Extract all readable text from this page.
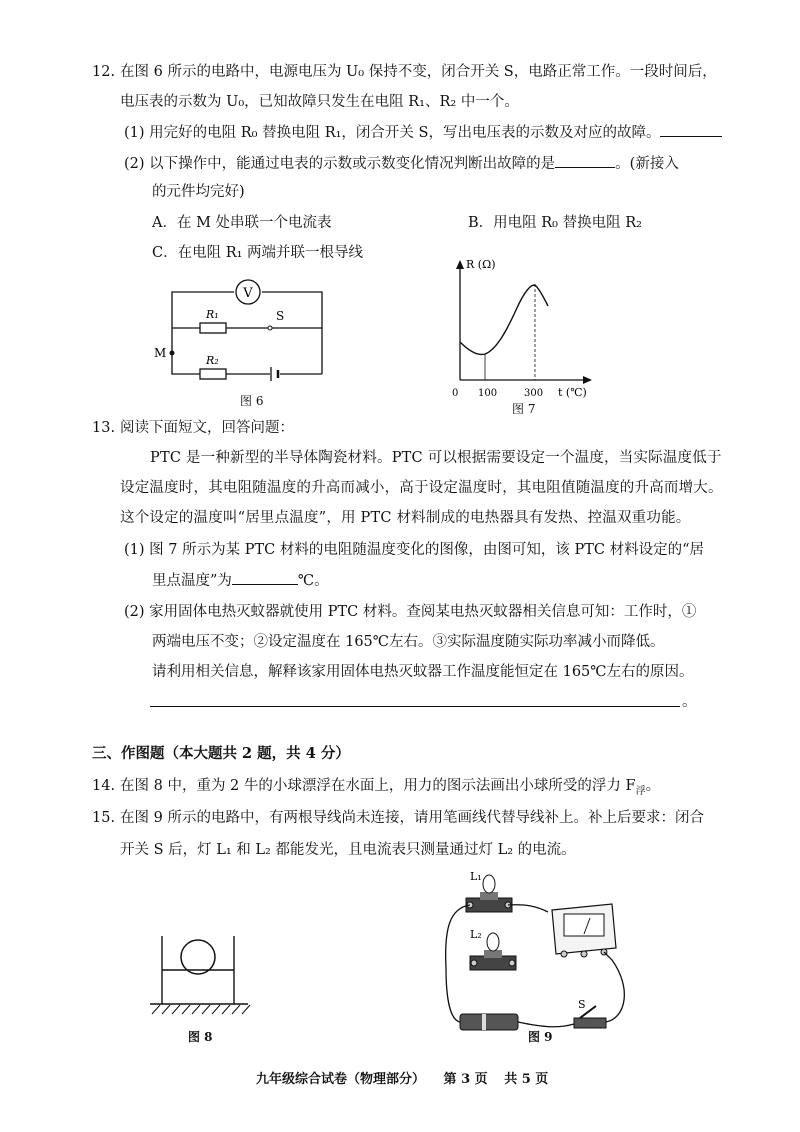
12. 在图 6 所示的电路中，电源电压为 U₀ 保持不变，闭合开关 S，电路正常工作。一段时间后，
电压表的示数为 U₀，已知故障只发生在电阻 R₁、R₂ 中一个。
(1) 用完好的电阻 R₀ 替换电阻 R₁，闭合开关 S，写出电压表的示数及对应的故障。
(2) 以下操作中，能通过电表的示数或示数变化情况判断出故障的是	。(新接入
的元件均完好)
A．在 M 处串联一个电流表	B．用电阻 R₀ 替换电阻 R₂
C．在电阻 R₁ 两端并联一根导线
V
S
R₁
R₂
M
图 6
R (Ω)
0 100	300 t (℃)
图 7
13. 阅读下面短文，回答问题：
PTC 是一种新型的半导体陶瓷材料。PTC 可以根据需要设定一个温度，当实际温度低于
设定温度时，其电阻随温度的升高而减小，高于设定温度时，其电阻值随温度的升高而增大。
这个设定的温度叫“居里点温度”，用 PTC 材料制成的电热器具有发热、控温双重功能。
(1) 图 7 所示为某 PTC 材料的电阻随温度变化的图像，由图可知，该 PTC 材料设定的“居
里点温度”为	℃。
(2) 家用固体电热灭蚊器就使用 PTC 材料。查阅某电热灭蚊器相关信息可知：工作时，①
两端电压不变；②设定温度在 165℃左右。③实际温度随实际功率减小而降低。
请利用相关信息，解释该家用固体电热灭蚊器工作温度能恒定在 165℃左右的原因。
。
三、作图题（本大题共 2 题，共 4 分）
14. 在图 8 中，重为 2 牛的小球漂浮在水面上，用力的图示法画出小球所受的浮力 $F_浮$。
15. 在图 9 所示的电路中，有两根导线尚未连接，请用笔画线代替导线补上。补上后要求：闭合
开关 S 后，灯 L₁ 和 L₂ 都能发光，且电流表只测量通过灯 L₂ 的电流。
图 8
L₁
L₂
S
图 9
九年级综合试卷（物理部分） 第 3 页 共 5 页
